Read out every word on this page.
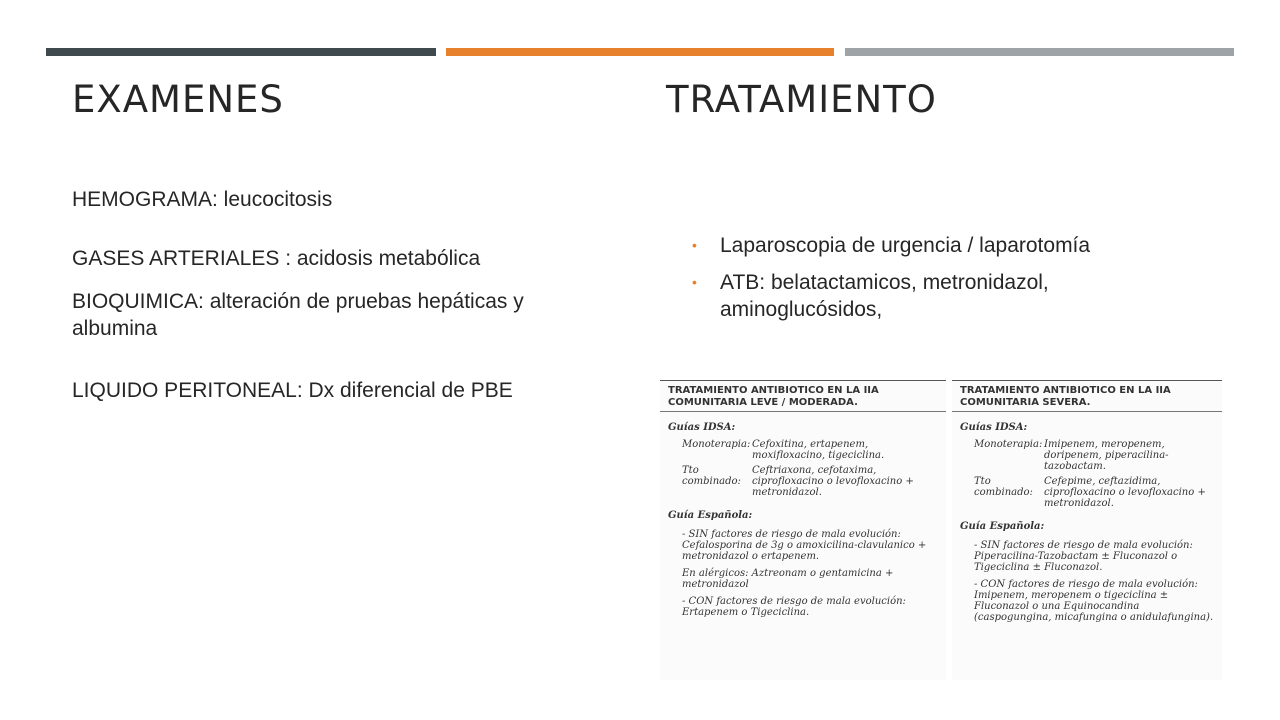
EXAMENES	TRATAMIENTO
HEMOGRAMA: leucocitosis
GASES ARTERIALES : acidosis metabólica
BIOQUIMICA: alteración de pruebas hepáticas y albumina
LIQUIDO PERITONEAL: Dx diferencial de PBE
• Laparoscopia de urgencia / laparotomía
• ATB: belatactamicos, metronidazol, aminoglucósidos,
TRATAMIENTO ANTIBIOTICO EN LA IIA COMUNITARIA LEVE / MODERADA.
Guías IDSA:
Monoterapia: Cefoxitina, ertapenem, moxifloxacino, tigeciclina.
Tto combinado:
Ceftriaxona, cefotaxima, ciprofloxacino o levofloxacino + metronidazol.
Guía Española:
- SIN factores de riesgo de mala evolución: Cefalosporina de 3g o amoxicilina-clavulanico + metronidazol o ertapenem.
En alérgicos: Aztreonam o gentamicina + metronidazol
- CON factores de riesgo de mala evolución: Ertapenem o Tigeciclina.
TRATAMIENTO ANTIBIOTICO EN LA IIA COMUNITARIA SEVERA.
Guías IDSA:
Monoterapia: Imipenem, meropenem, doripenem, piperacilina-tazobactam.
Tto combinado:
Cefepime, ceftazidima, ciprofloxacino o levofloxacino + metronidazol.
Guía Española:
- SIN factores de riesgo de mala evolución: Piperacilina-Tazobactam ± Fluconazol o Tigeciclina ± Fluconazol.
- CON factores de riesgo de mala evolución: Imipenem, meropenem o tigeciclina ± Fluconazol o una Equinocandina (caspogungina, micafungina o anidulafungina).
